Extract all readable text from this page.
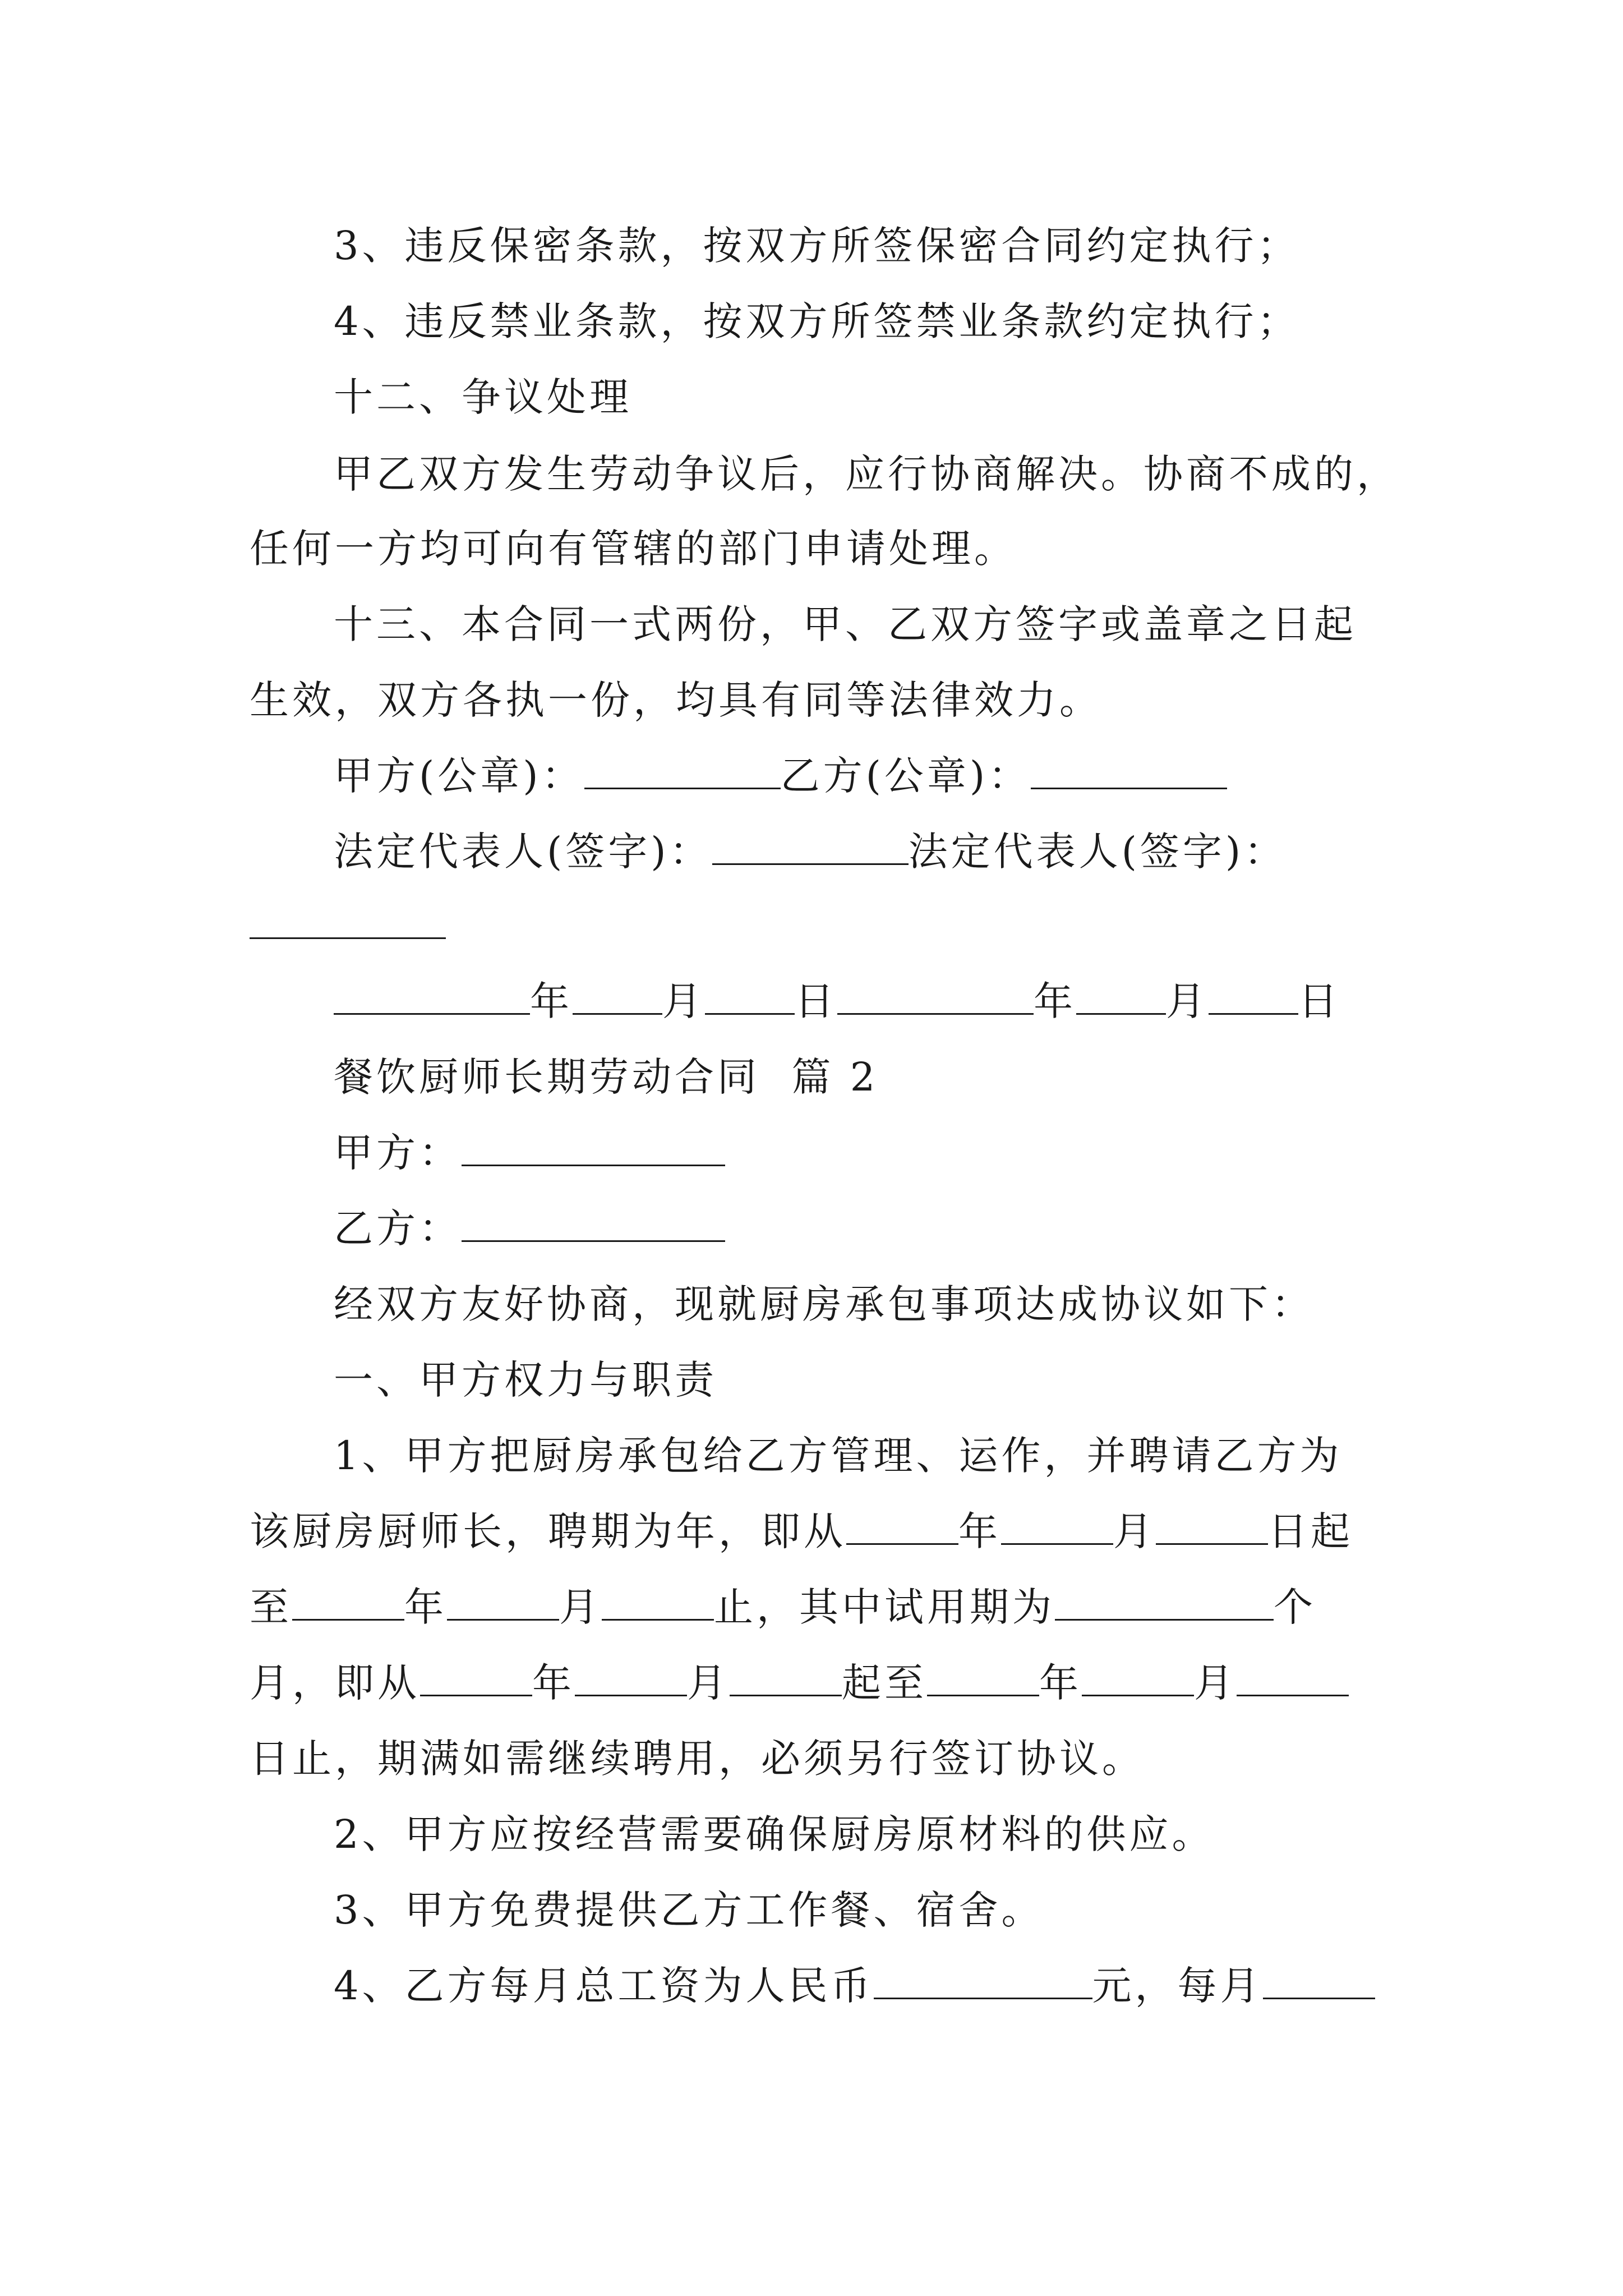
3、违反保密条款，按双方所签保密合同约定执行；
4、违反禁业条款，按双方所签禁业条款约定执行；
十二、争议处理
甲乙双方发生劳动争议后，应行协商解决。协商不成的，
任何一方均可向有管辖的部门申请处理。
十三、本合同一式两份，甲、乙双方签字或盖章之日起
生效，双方各执一份，均具有同等法律效力。
甲方(公章)：	乙方(公章)：
法定代表人(签字)：	法定代表人(签字)：
年 月 日	年 月 日
餐饮厨师长期劳动合同  篇 2
甲方：
乙方：
经双方友好协商，现就厨房承包事项达成协议如下：
一、甲方权力与职责
1、甲方把厨房承包给乙方管理、运作，并聘请乙方为
该厨房厨师长，聘期为年，即从	年	月	日起
至	年	月	止，其中试用期为	个
月，即从	年	月	起至	年	月
日止，期满如需继续聘用，必须另行签订协议。
2、甲方应按经营需要确保厨房原材料的供应。
3、甲方免费提供乙方工作餐、宿舍。
4、乙方每月总工资为人民币	元，每月
